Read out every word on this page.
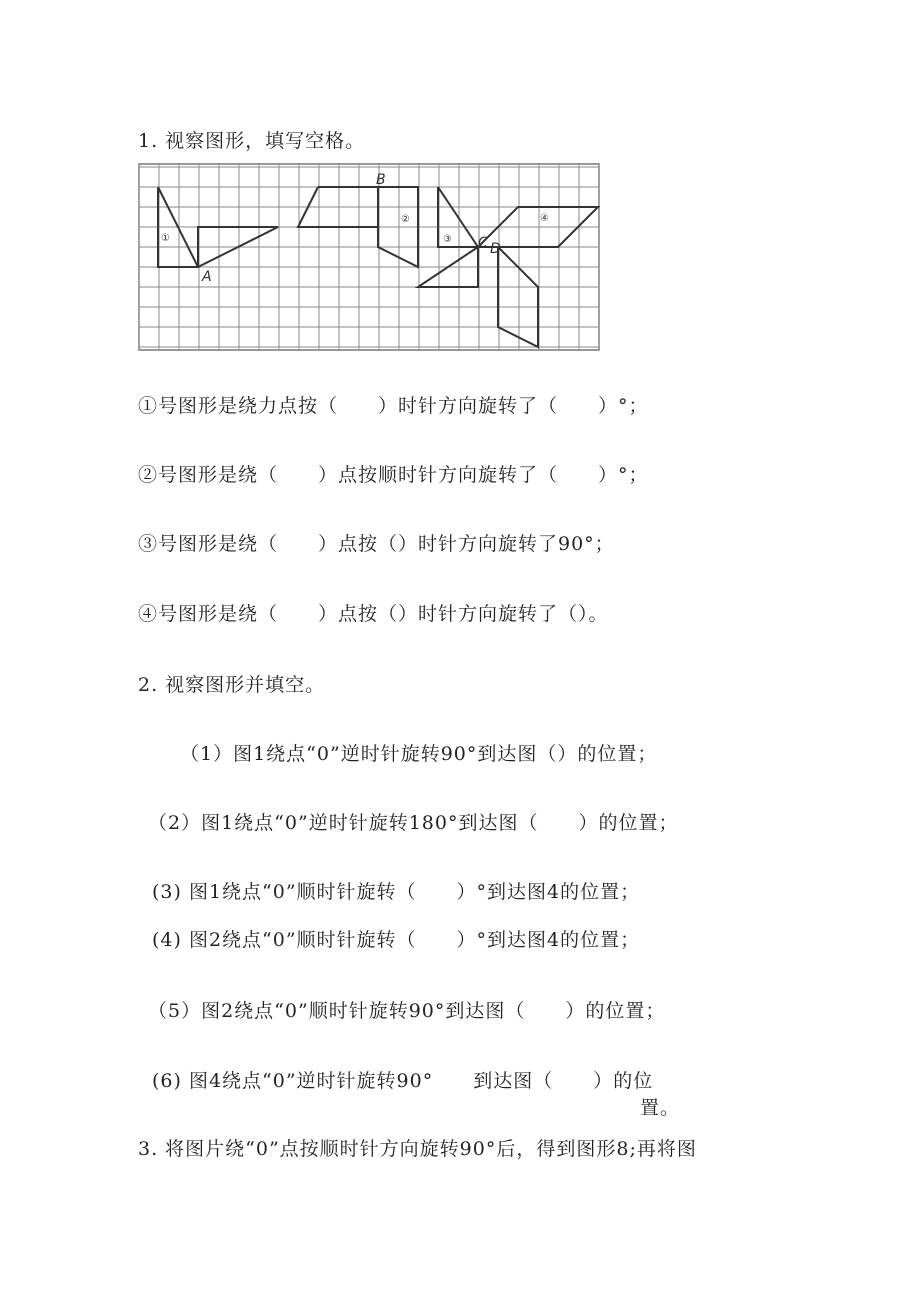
1. 视察图形，填写空格。
A
B
C D
①
②
③
④
①号图形是绕力点按（　　）时针方向旋转了（　　）°；
②号图形是绕（　　）点按顺时针方向旋转了（　　）°；
③号图形是绕（　　）点按（）时针方向旋转了90°；
④号图形是绕（　　）点按（）时针方向旋转了（）。
2. 视察图形并填空。
（1）图1绕点“0”逆时针旋转90°到达图（）的位置；
（2）图1绕点“0”逆时针旋转180°到达图（　　）的位置；
(3) 图1绕点“0”顺时针旋转（　　）°到达图4的位置；
(4) 图2绕点“0”顺时针旋转（　　）°到达图4的位置；
（5）图2绕点“0”顺时针旋转90°到达图（　　）的位置；
(6) 图4绕点“0”逆时针旋转90°　　到达图（　　）的位
置。
3. 将图片绕“0”点按顺时针方向旋转90°后，得到图形8;再将图
